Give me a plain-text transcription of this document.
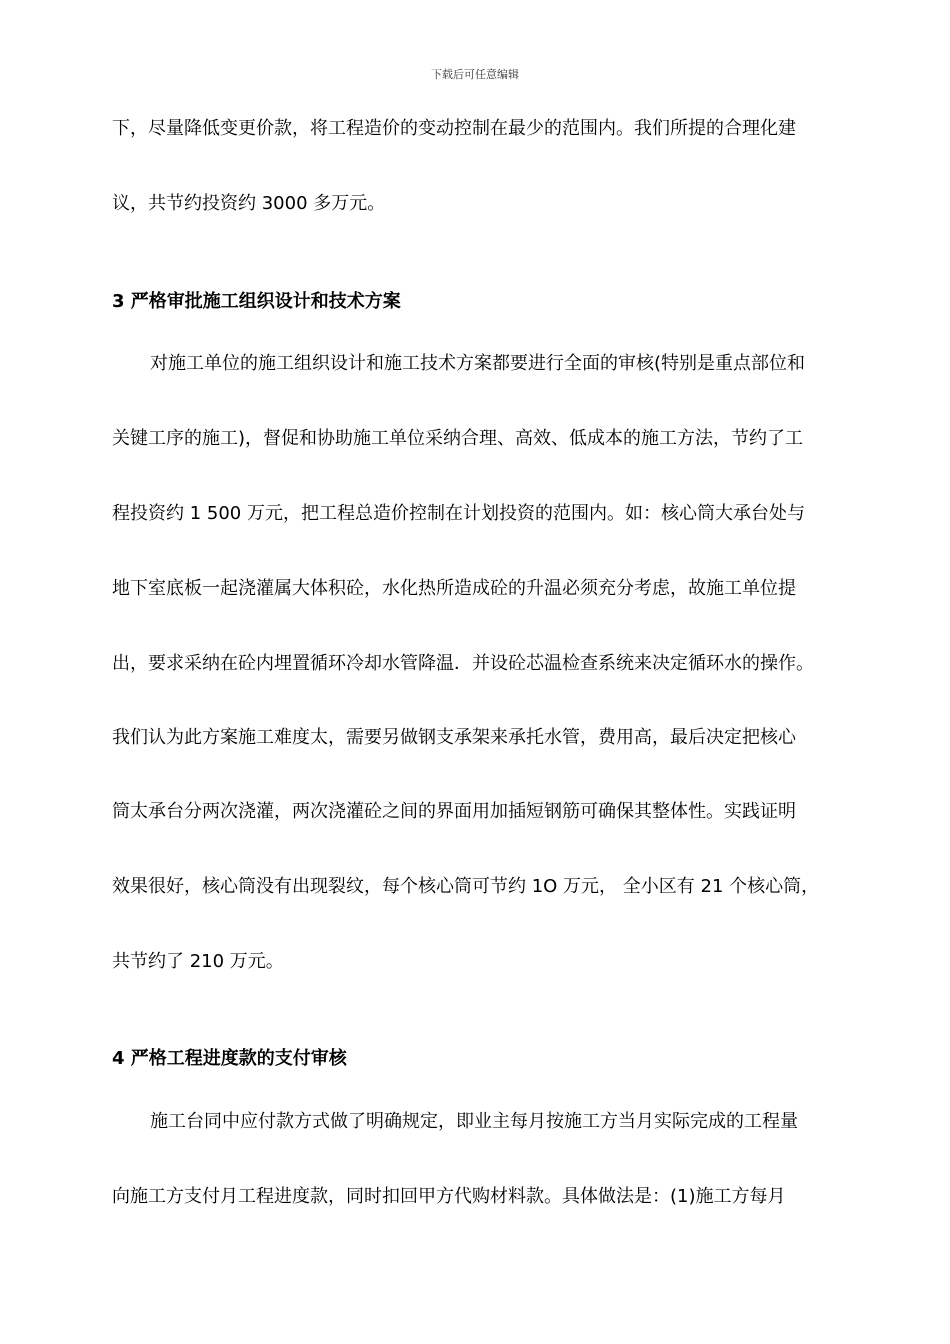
下载后可任意编辑
下，尽量降低变更价款，将工程造价的变动控制在最少的范围内。我们所提的合理化建
议，共节约投资约 3000 多万元。
3 严格审批施工组织设计和技术方案
对施工单位的施工组织设计和施工技术方案都要进行全面的审核(特别是重点部位和
关键工序的施工)，督促和协助施工单位采纳合理、高效、低成本的施工方法，节约了工
程投资约 1 500 万元，把工程总造价控制在计划投资的范围内。如：核心筒大承台处与
地下室底板一起浇灌属大体积砼，水化热所造成砼的升温必须充分考虑，故施工单位提
出，要求采纳在砼内埋置循环冷却水管降温．并设砼芯温检查系统来决定循环水的操作。
我们认为此方案施工难度太，需要另做钢支承架来承托水管，费用高，最后决定把核心
筒太承台分两次浇灌，两次浇灌砼之间的界面用加插短钢筋可确保其整体性。实践证明
效果很好，核心筒没有出现裂纹，每个核心筒可节约 1O 万元， 全小区有 21 个核心筒，
共节约了 210 万元。
4 严格工程进度款的支付审核
施工台同中应付款方式做了明确规定，即业主每月按施工方当月实际完成的工程量
向施工方支付月工程进度款，同时扣回甲方代购材料款。具体做法是：(1)施工方每月
